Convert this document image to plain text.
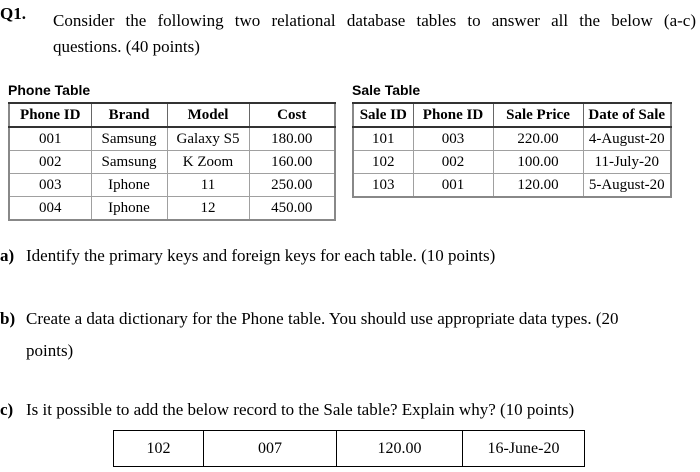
Q1. Consider the following two relational database tables to answer all the below (a-c)
questions. (40 points)
Phone Table
Phone ID	Brand	Model	Cost
001	Samsung	Galaxy S5	180.00
002	Samsung	K Zoom	160.00
003	Iphone	11	250.00
004	Iphone	12	450.00
Sale Table
Sale ID	Phone ID	Sale Price	Date of Sale
101	003	220.00	4-August-20
102	002	100.00	11-July-20
103	001	120.00	5-August-20
a) Identify the primary keys and foreign keys for each table. (10 points)
b) Create a data dictionary for the Phone table. You should use appropriate data types. (20
points)
c) Is it possible to add the below record to the Sale table? Explain why? (10 points)
102	007	120.00	16-June-20
